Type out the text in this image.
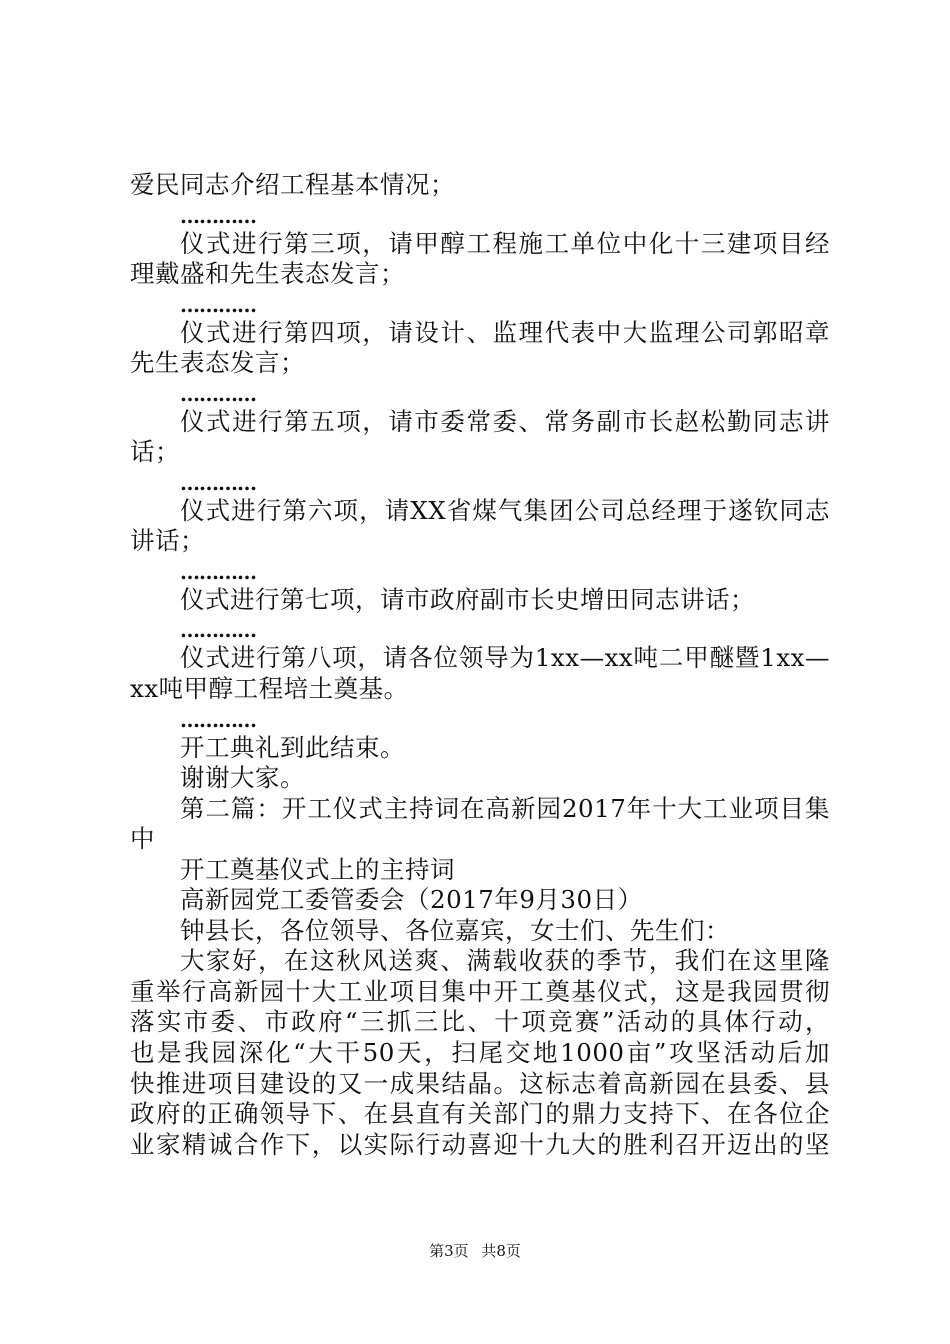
爱民同志介绍工程基本情况；
…………
仪式进行第三项，请甲醇工程施工单位中化十三建项目经
理戴盛和先生表态发言；
…………
仪式进行第四项，请设计、监理代表中大监理公司郭昭章
先生表态发言；
…………
仪式进行第五项，请市委常委、常务副市长赵松勤同志讲
话；
…………
仪式进行第六项，请XX省煤气集团公司总经理于遂钦同志
讲话；
…………
仪式进行第七项，请市政府副市长史增田同志讲话；
…………
仪式进行第八项，请各位领导为1xx—xx吨二甲醚暨1xx—
xx吨甲醇工程培土奠基。
…………
开工典礼到此结束。
谢谢大家。
第二篇：开工仪式主持词在高新园2017年十大工业项目集
中
开工奠基仪式上的主持词
高新园党工委管委会（2017年9月30日）
钟县长，各位领导、各位嘉宾，女士们、先生们：
大家好，在这秋风送爽、满载收获的季节，我们在这里隆
重举行高新园十大工业项目集中开工奠基仪式，这是我园贯彻
落实市委、市政府“三抓三比、十项竞赛”活动的具体行动，
也是我园深化“大干50天，扫尾交地1000亩”攻坚活动后加
快推进项目建设的又一成果结晶。这标志着高新园在县委、县
政府的正确领导下、在县直有关部门的鼎力支持下、在各位企
业家精诚合作下，以实际行动喜迎十九大的胜利召开迈出的坚
第3页 共8页
